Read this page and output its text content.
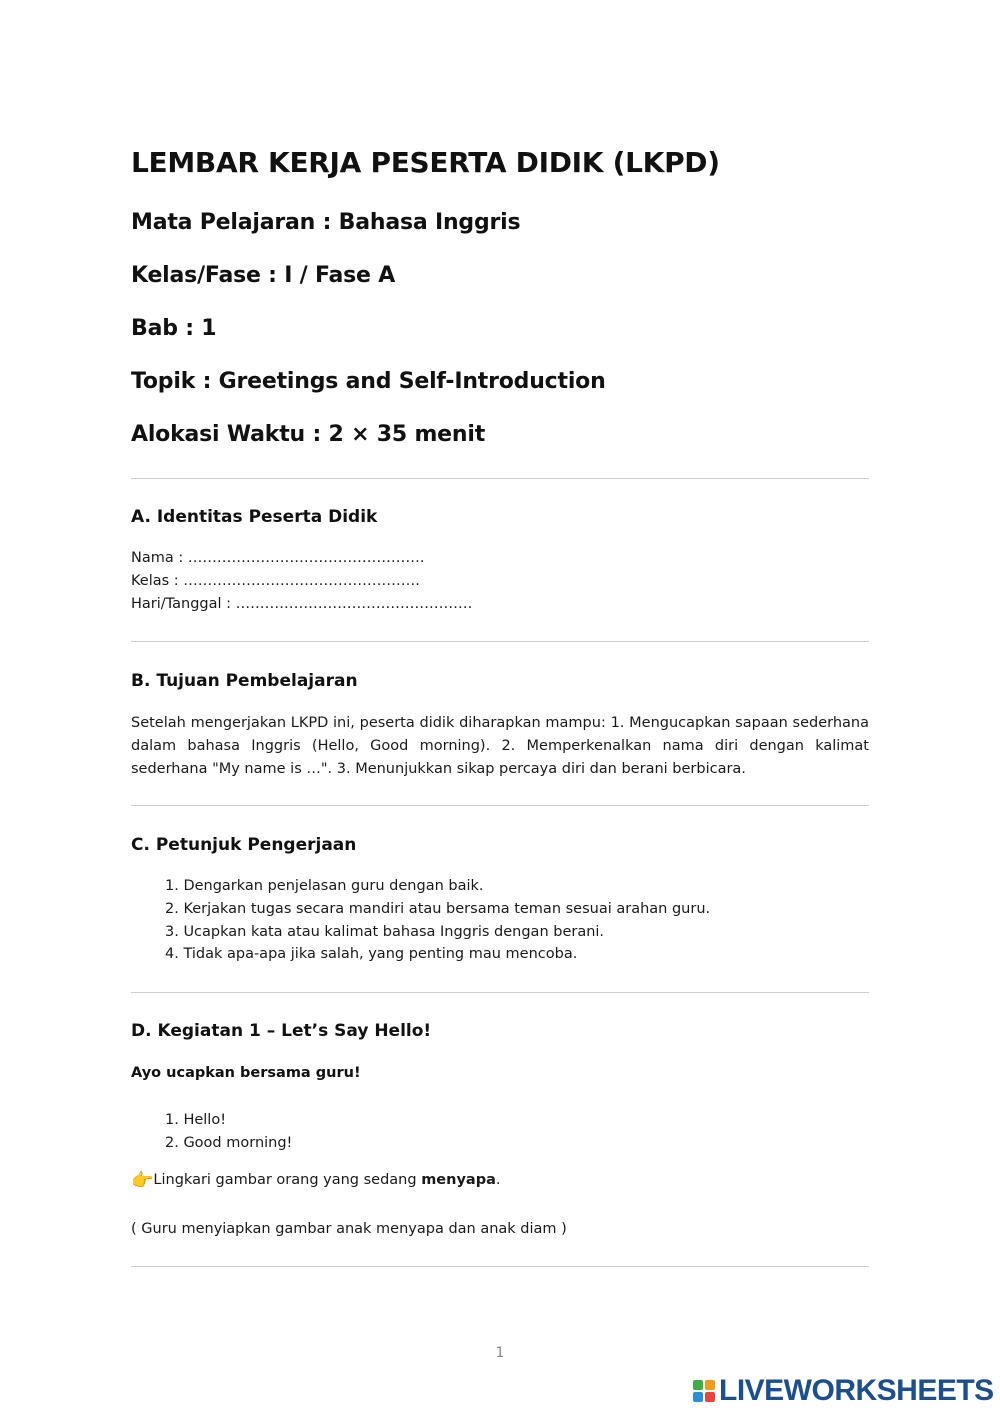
LEMBAR KERJA PESERTA DIDIK (LKPD)
Mata Pelajaran : Bahasa Inggris
Kelas/Fase : I / Fase A
Bab : 1
Topik : Greetings and Self-Introduction
Alokasi Waktu : 2 × 35 menit
A. Identitas Peserta Didik
Nama : ………………………………………….
Kelas : ………………………………………….
Hari/Tanggal : ………………………………………….
B. Tujuan Pembelajaran

Setelah mengerjakan LKPD ini, peserta didik diharapkan mampu: 1. Mengucapkan sapaan sederhana dalam bahasa Inggris (Hello, Good morning). 2. Memperkenalkan nama diri dengan kalimat sederhana "My name is …". 3. Menunjukkan sikap percaya diri dan berani berbicara.

C. Petunjuk Pengerjaan
1. Dengarkan penjelasan guru dengan baik.
2. Kerjakan tugas secara mandiri atau bersama teman sesuai arahan guru.
3. Ucapkan kata atau kalimat bahasa Inggris dengan berani.
4. Tidak apa-apa jika salah, yang penting mau mencoba.
D. Kegiatan 1 – Let’s Say Hello!
Ayo ucapkan bersama guru!
1. Hello!
2. Good morning!
👉Lingkari gambar orang yang sedang menyapa.
( Guru menyiapkan gambar anak menyapa dan anak diam )
1
LIVEWORKSHEETS
